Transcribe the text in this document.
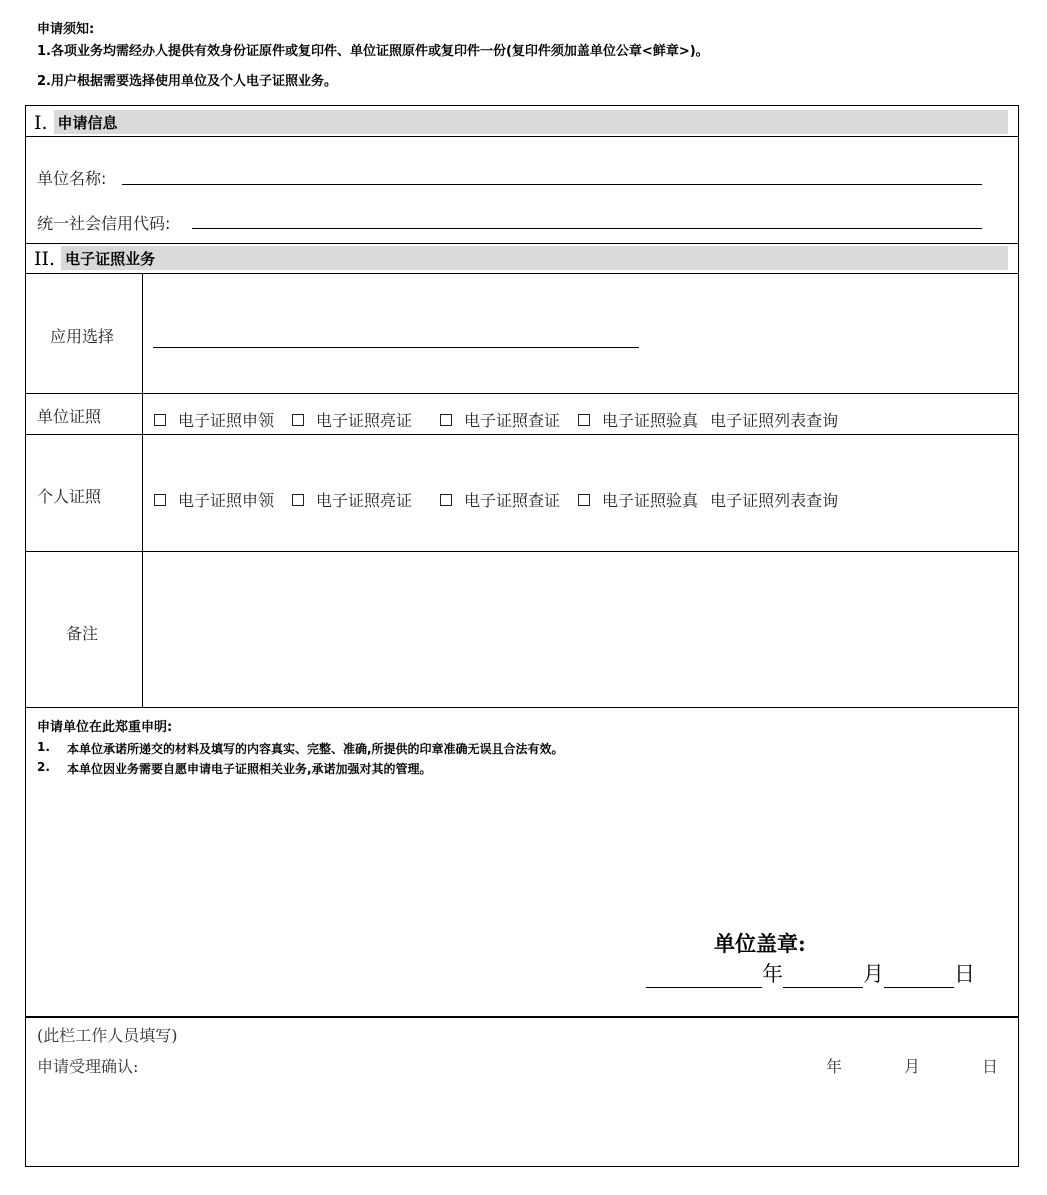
申请须知:
1.各项业务均需经办人提供有效身份证原件或复印件、单位证照原件或复印件一份(复印件须加盖单位公章<鲜章>)。
2.用户根据需要选择使用单位及个人电子证照业务。
I. 申请信息
单位名称:
统一社会信用代码:
II. 电子证照业务
应用选择
单位证照	电子证照申领	电子证照亮证	电子证照查证	电子证照验真 电子证照列表查询
个人证照	电子证照申领	电子证照亮证	电子证照查证	电子证照验真 电子证照列表查询
备注
申请单位在此郑重申明:
1.	本单位承诺所递交的材料及填写的内容真实、完整、准确,所提供的印章准确无误且合法有效。
2.	本单位因业务需要自愿申请电子证照相关业务,承诺加强对其的管理。
单位盖章:
年	月	日
(此栏工作人员填写)
申请受理确认:	年	月	日
